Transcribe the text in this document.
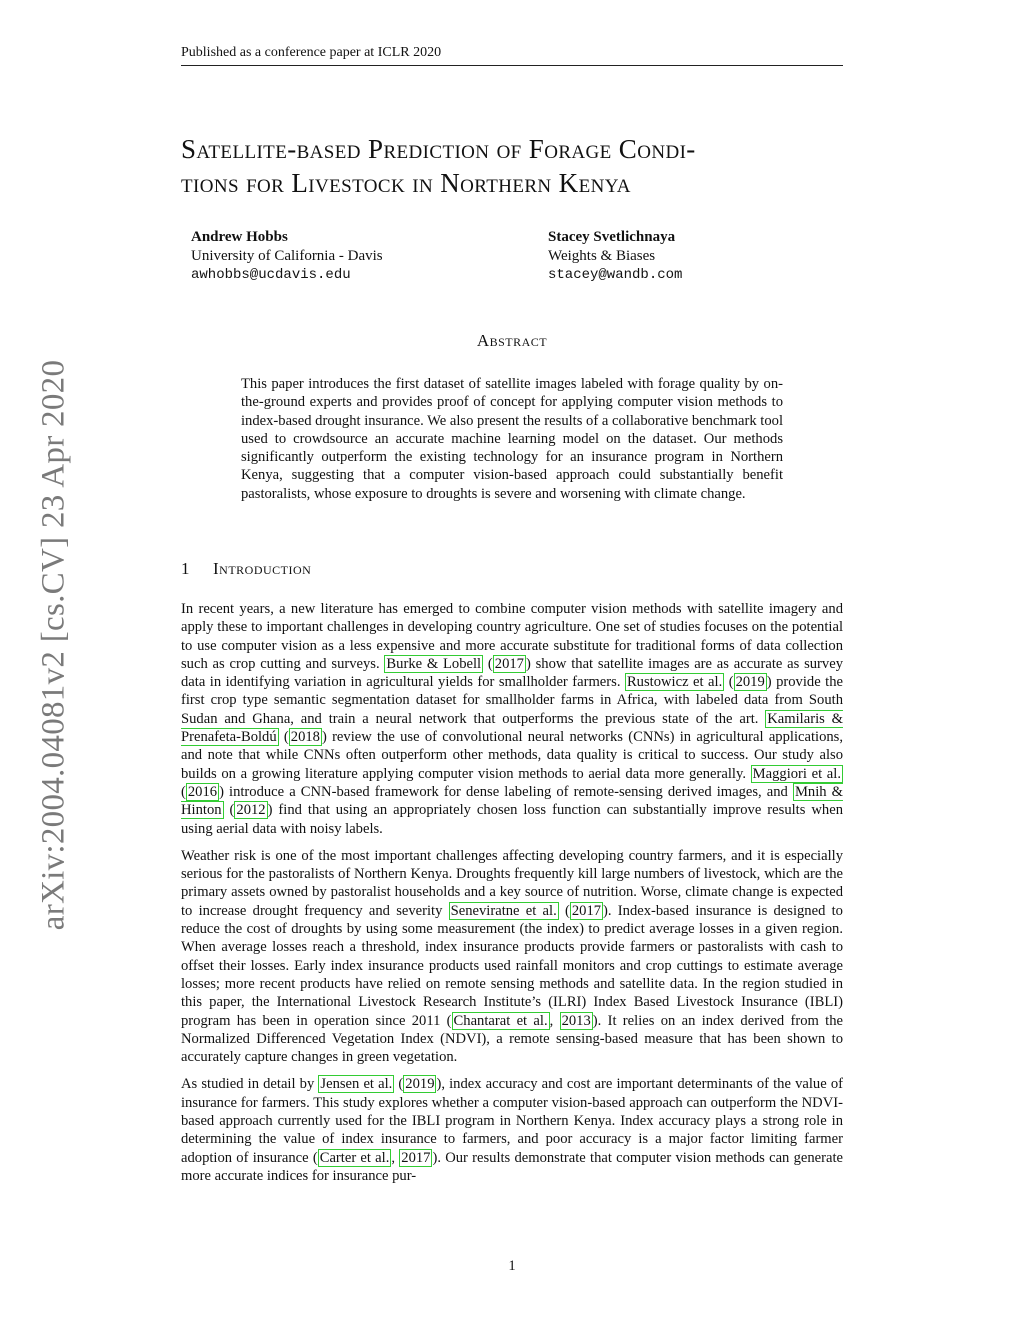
Published as a conference paper at ICLR 2020
arXiv:2004.04081v2 [cs.CV] 23 Apr 2020
Satellite-based Prediction of Forage Condi-
tions for Livestock in Northern Kenya
Andrew Hobbs
University of California - Davis
awhobbs@ucdavis.edu
Stacey Svetlichnaya
Weights & Biases
stacey@wandb.com
Abstract
This paper introduces the first dataset of satellite images labeled with forage quality by on-the-ground experts and provides proof of concept for applying computer vision methods to index-based drought insurance. We also present the results of a collaborative benchmark tool used to crowdsource an accurate machine learning model on the dataset. Our methods significantly outperform the existing technology for an insurance program in Northern Kenya, suggesting that a computer vision-based approach could substantially benefit pastoralists, whose exposure to droughts is severe and worsening with climate change.
1 Introduction

In recent years, a new literature has emerged to combine computer vision methods with satellite imagery and apply these to important challenges in developing country agriculture. One set of studies focuses on the potential to use computer vision as a less expensive and more accurate substitute for traditional forms of data collection such as crop cutting and surveys. Burke & Lobell ( 2017 ) show that satellite images are as accurate as survey data in identifying variation in agricultural yields for smallholder farmers. Rustowicz et al. ( 2019 ) provide the first crop type semantic segmentation dataset for smallholder farms in Africa, with labeled data from South Sudan and Ghana, and train a neural network that outperforms the previous state of the art. Kamilaris & Prenafeta-Boldú ( 2018 ) review the use of convolutional neural networks (CNNs) in agricultural applications, and note that while CNNs often outperform other methods, data quality is critical to success. Our study also builds on a growing literature applying computer vision methods to aerial data more generally. Maggiori et al. ( 2016 ) introduce a CNN-based framework for dense labeling of remote-sensing derived images, and Mnih & Hinton ( 2012 ) find that using an appropriately chosen loss function can substantially improve results when using aerial data with noisy labels.

Weather risk is one of the most important challenges affecting developing country farmers, and it is especially serious for the pastoralists of Northern Kenya. Droughts frequently kill large numbers of livestock, which are the primary assets owned by pastoralist households and a key source of nutrition. Worse, climate change is expected to increase drought frequency and severity Seneviratne et al. ( 2017 ). Index-based insurance is designed to reduce the cost of droughts by using some measurement (the index) to predict average losses in a given region. When average losses reach a threshold, index insurance products provide farmers or pastoralists with cash to offset their losses. Early index insurance products used rainfall monitors and crop cuttings to estimate average losses; more recent products have relied on remote sensing methods and satellite data. In the region studied in this paper, the International Livestock Research Institute’s (ILRI) Index Based Livestock Insurance (IBLI) program has been in operation since 2011 ( Chantarat et al. , 2013 ). It relies on an index derived from the Normalized Differenced Vegetation Index (NDVI), a remote sensing-based measure that has been shown to accurately capture changes in green vegetation.

As studied in detail by Jensen et al. ( 2019 ), index accuracy and cost are important determinants of the value of insurance for farmers. This study explores whether a computer vision-based approach can outperform the NDVI-based approach currently used for the IBLI program in Northern Kenya. Index accuracy plays a strong role in determining the value of index insurance to farmers, and poor accuracy is a major factor limiting farmer adoption of insurance ( Carter et al. , 2017 ). Our results demonstrate that computer vision methods can generate more accurate indices for insurance pur-

1
